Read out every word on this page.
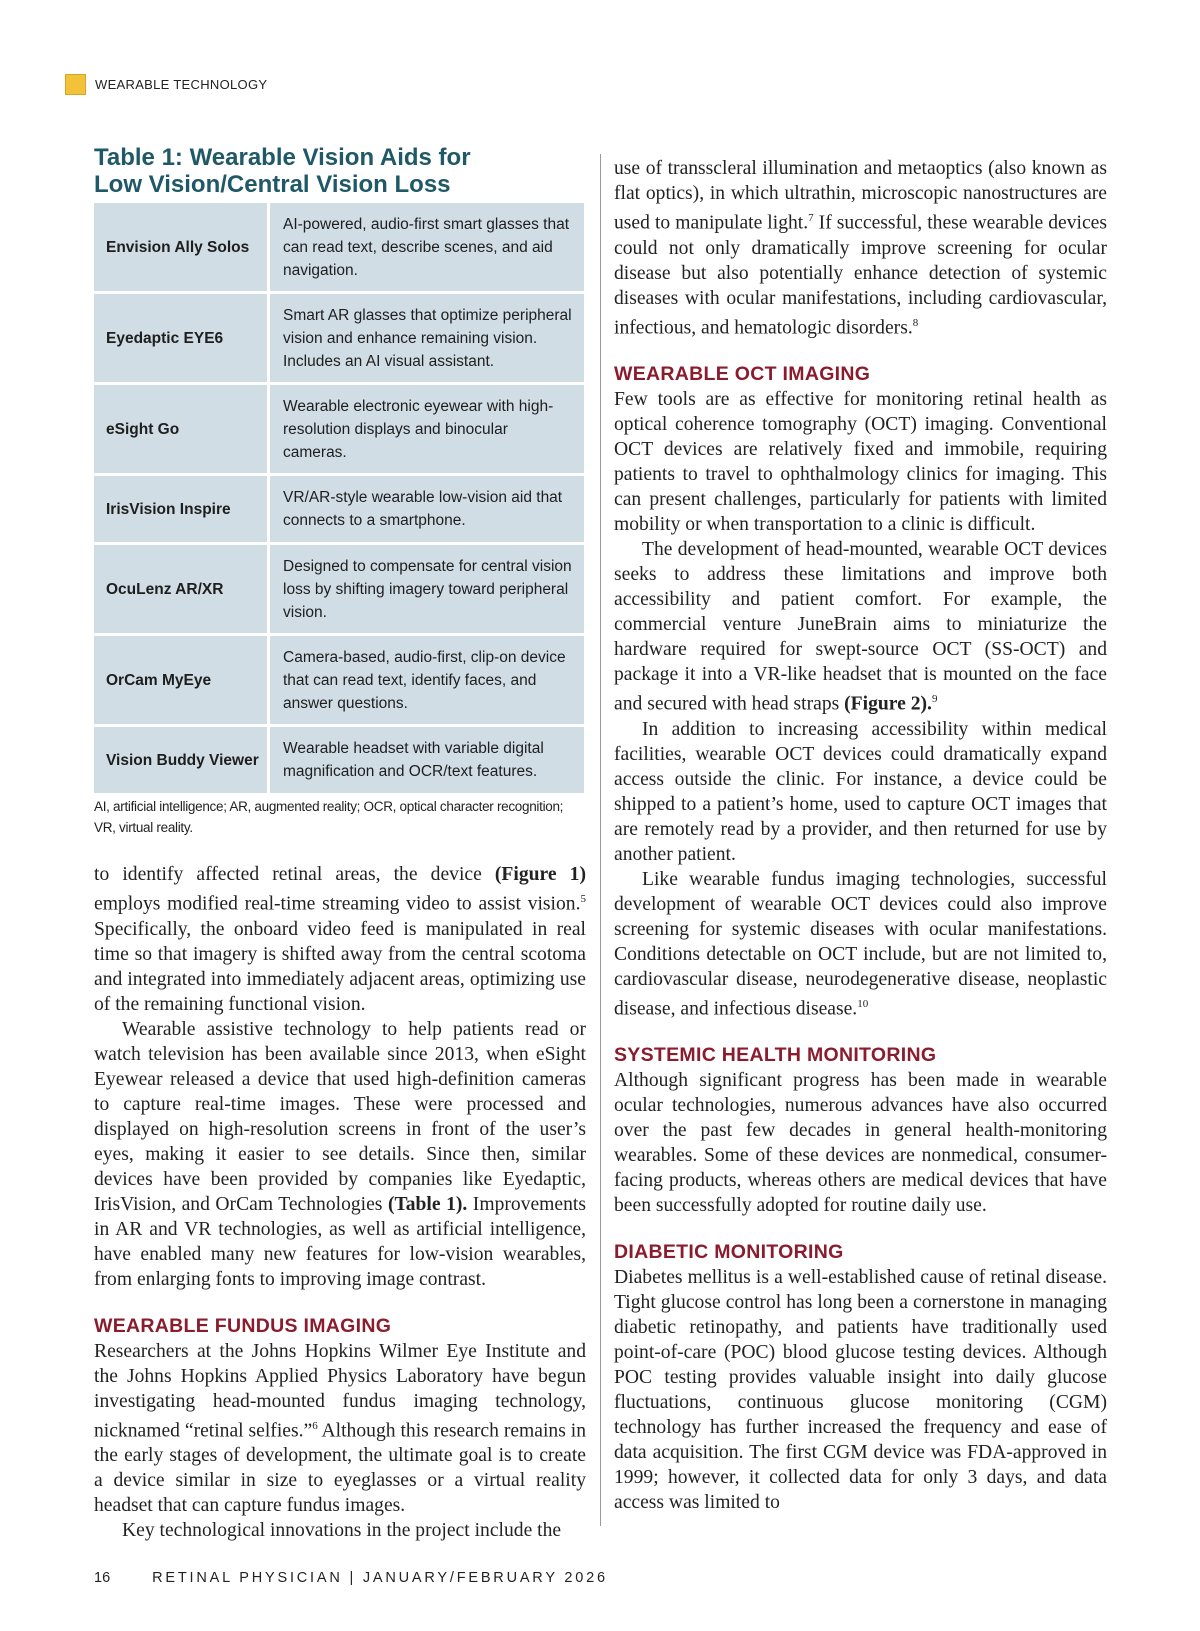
WEARABLE TECHNOLOGY
Table 1: Wearable Vision Aids for
Low Vision/Central Vision Loss
Envision Ally Solos	AI-powered, audio-first smart glasses that can read text, describe scenes, and aid navigation.
Eyedaptic EYE6	Smart AR glasses that optimize peripheral vision and enhance remaining vision. Includes an AI visual assistant.
eSight Go	Wearable electronic eyewear with high-resolution displays and binocular cameras.
IrisVision Inspire	VR/AR-style wearable low-vision aid that connects to a smartphone.
OcuLenz AR/XR	Designed to compensate for central vision loss by shifting imagery toward peripheral vision.
OrCam MyEye	Camera-based, audio-first, clip-on device that can read text, identify faces, and answer questions.
Vision Buddy Viewer	Wearable headset with variable digital magnification and OCR/text features.
AI, artificial intelligence; AR, augmented reality; OCR, optical character recognition; VR, virtual reality.

to identify affected retinal areas, the device (Figure 1) employs modified real-time streaming video to assist vision.$^5$ Specifically, the onboard video feed is manipulated in real time so that imagery is shifted away from the central scotoma and integrated into immediately adjacent areas, optimizing use of the remaining functional vision.

Wearable assistive technology to help patients read or watch television has been available since 2013, when eSight Eyewear released a device that used high-definition cameras to capture real-time images. These were processed and displayed on high-resolution screens in front of the user’s eyes, making it easier to see details. Since then, similar devices have been provided by companies like Eyedaptic, IrisVision, and OrCam Technologies (Table 1). Improvements in AR and VR technologies, as well as artificial intelligence, have enabled many new features for low-vision wearables, from enlarging fonts to improving image contrast.

WEARABLE FUNDUS IMAGING

Researchers at the Johns Hopkins Wilmer Eye Institute and the Johns Hopkins Applied Physics Laboratory have begun investigating head-mounted fundus imaging technology, nicknamed “retinal selfies.”$^6$ Although this research remains in the early stages of development, the ultimate goal is to create a device similar in size to eyeglasses or a virtual reality headset that can capture fundus images.

Key technological innovations in the project include the

use of transscleral illumination and metaoptics (also known as flat optics), in which ultrathin, microscopic nanostructures are used to manipulate light.$^7$ If successful, these wearable devices could not only dramatically improve screening for ocular disease but also potentially enhance detection of systemic diseases with ocular manifestations, including cardiovascular, infectious, and hematologic disorders.$^8$

WEARABLE OCT IMAGING

Few tools are as effective for monitoring retinal health as optical coherence tomography (OCT) imaging. Conventional OCT devices are relatively fixed and immobile, requiring patients to travel to ophthalmology clinics for imaging. This can present challenges, particularly for patients with limited mobility or when transportation to a clinic is difficult.

The development of head-mounted, wearable OCT devices seeks to address these limitations and improve both accessibility and patient comfort. For example, the commercial venture JuneBrain aims to miniaturize the hardware required for swept-source OCT (SS-OCT) and package it into a VR-like headset that is mounted on the face and secured with head straps (Figure 2).$^9$

In addition to increasing accessibility within medical facilities, wearable OCT devices could dramatically expand access outside the clinic. For instance, a device could be shipped to a patient’s home, used to capture OCT images that are remotely read by a provider, and then returned for use by another patient.

Like wearable fundus imaging technologies, successful development of wearable OCT devices could also improve screening for systemic diseases with ocular manifestations. Conditions detectable on OCT include, but are not limited to, cardiovascular disease, neurodegenerative disease, neoplastic disease, and infectious disease.$^{10}$

SYSTEMIC HEALTH MONITORING

Although significant progress has been made in wearable ocular technologies, numerous advances have also occurred over the past few decades in general health-monitoring wearables. Some of these devices are nonmedical, consumer-facing products, whereas others are medical devices that have been successfully adopted for routine daily use.

DIABETIC MONITORING

Diabetes mellitus is a well-established cause of retinal disease. Tight glucose control has long been a cornerstone in managing diabetic retinopathy, and patients have traditionally used point-of-care (POC) blood glucose testing devices. Although POC testing provides valuable insight into daily glucose fluctuations, continuous glucose monitoring (CGM) technology has further increased the frequency and ease of data acquisition. The first CGM device was FDA-approved in 1999; however, it collected data for only 3 days, and data access was limited to

16	RETINAL PHYSICIAN | JANUARY/FEBRUARY 2026
